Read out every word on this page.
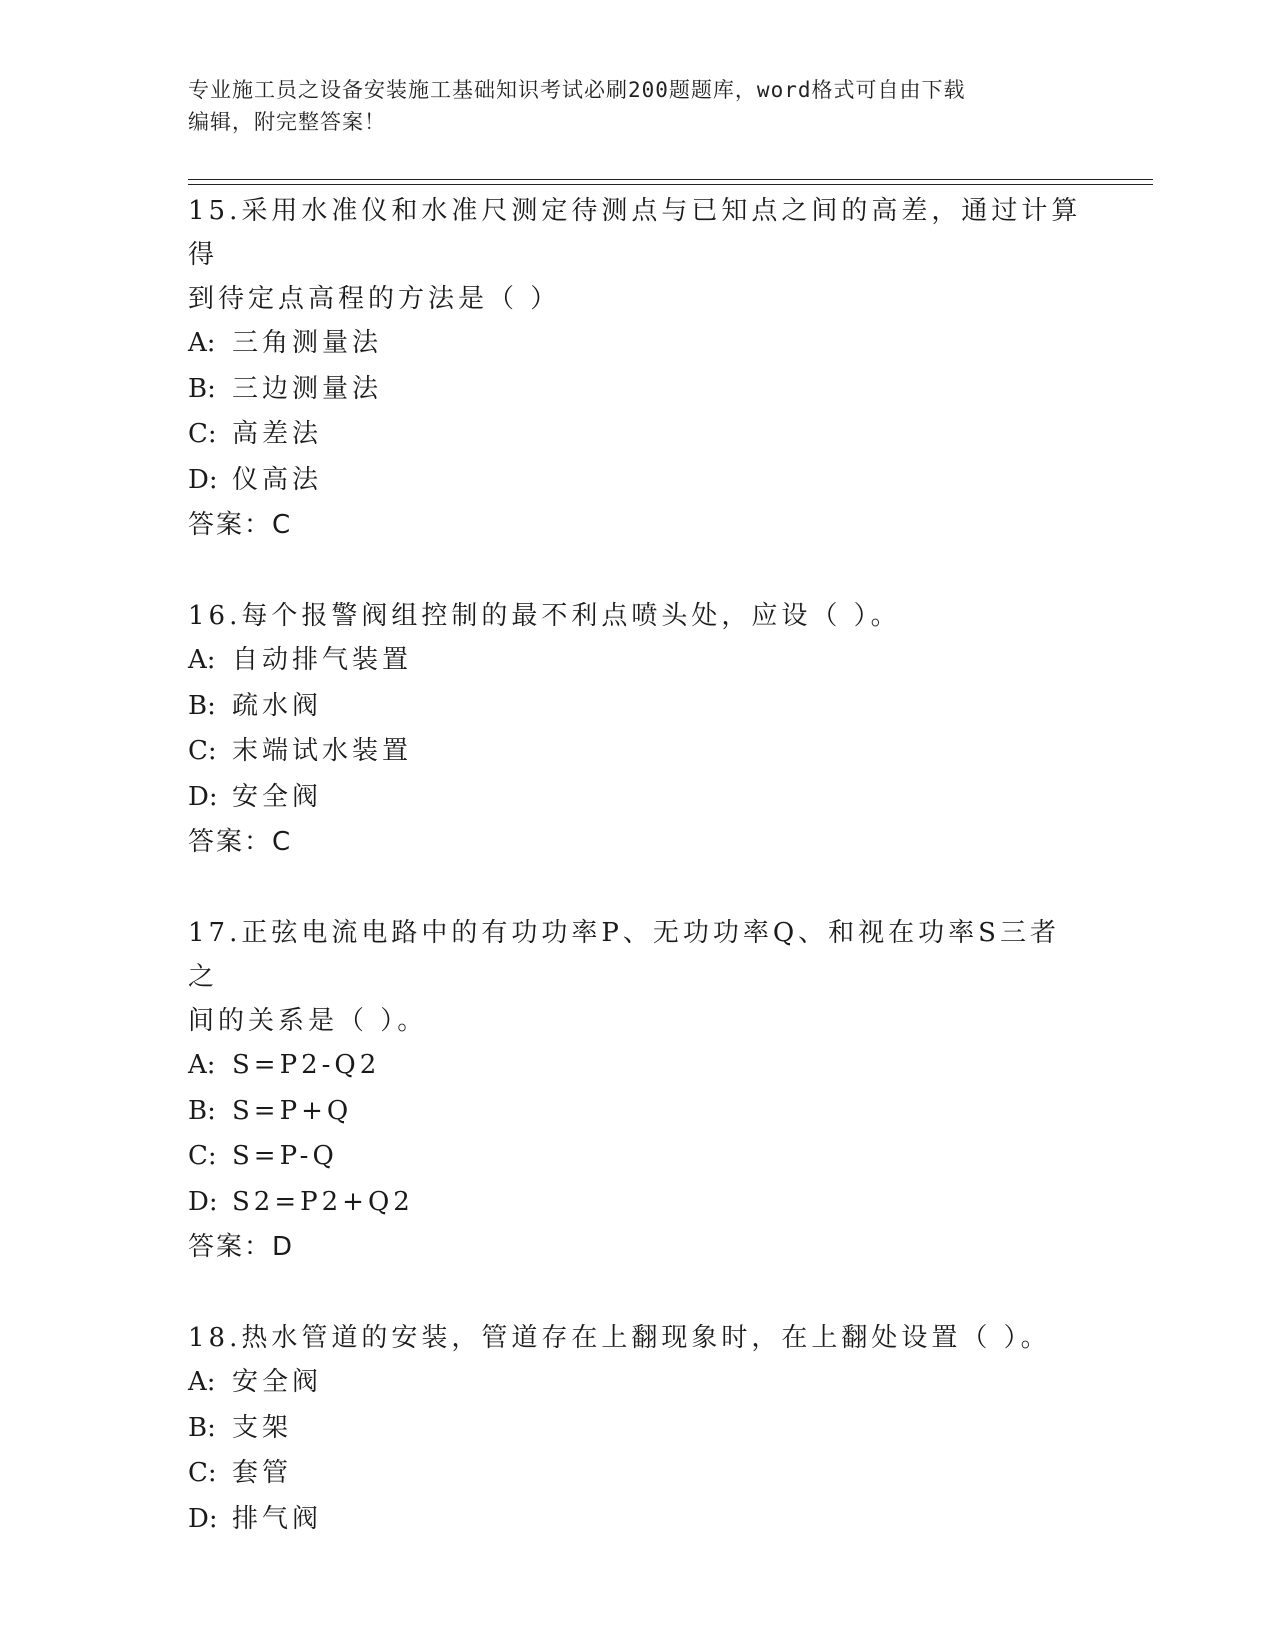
专业施工员之设备安装施工基础知识考试必刷200题题库，word格式可自由下载
编辑，附完整答案！

15.采用水准仪和水准尺测定待测点与已知点之间的高差，通过计算得
到待定点高程的方法是（ ）

A: 三角测量法

B: 三边测量法

C: 高差法

D: 仪高法

答案：C

16.每个报警阀组控制的最不利点喷头处，应设（ ）。

A: 自动排气装置

B: 疏水阀

C: 末端试水装置

D: 安全阀

答案：C

17.正弦电流电路中的有功功率P、无功功率Q、和视在功率S三者之
间的关系是（ ）。

A: S=P2-Q2

B: S=P+Q

C: S=P-Q

D: S2=P2+Q2

答案：D

18.热水管道的安装，管道存在上翻现象时，在上翻处设置（ ）。

A: 安全阀

B: 支架

C: 套管

D: 排气阀
